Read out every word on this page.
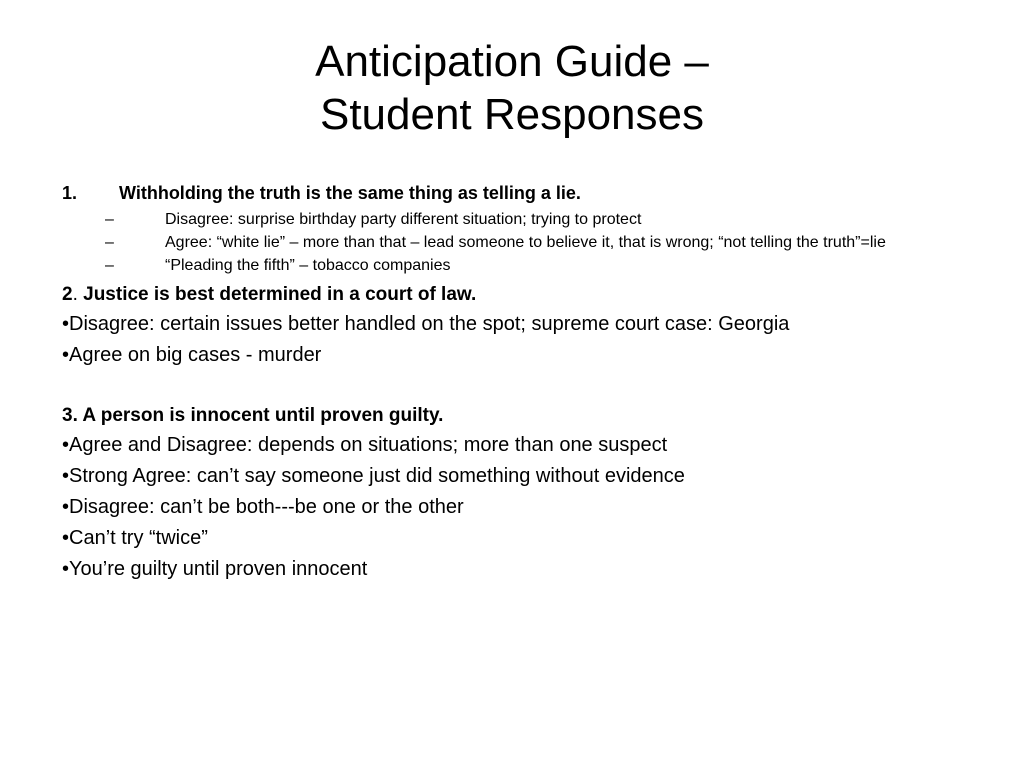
Anticipation Guide –
Student Responses
1. Withholding the truth is the same thing as telling a lie.
–	Disagree: surprise birthday party different situation; trying to protect
–	Agree: “white lie” – more than that – lead someone to believe it, that is wrong; “not telling the truth”=lie
–	“Pleading the fifth” – tobacco companies
2. Justice is best determined in a court of law.
•Disagree: certain issues better handled on the spot; supreme court case: Georgia
•Agree on big cases - murder
3. A person is innocent until proven guilty.
•Agree and Disagree: depends on situations; more than one suspect
•Strong Agree: can’t say someone just did something without evidence
•Disagree: can’t be both---be one or the other
•Can’t try “twice”
•You’re guilty until proven innocent
